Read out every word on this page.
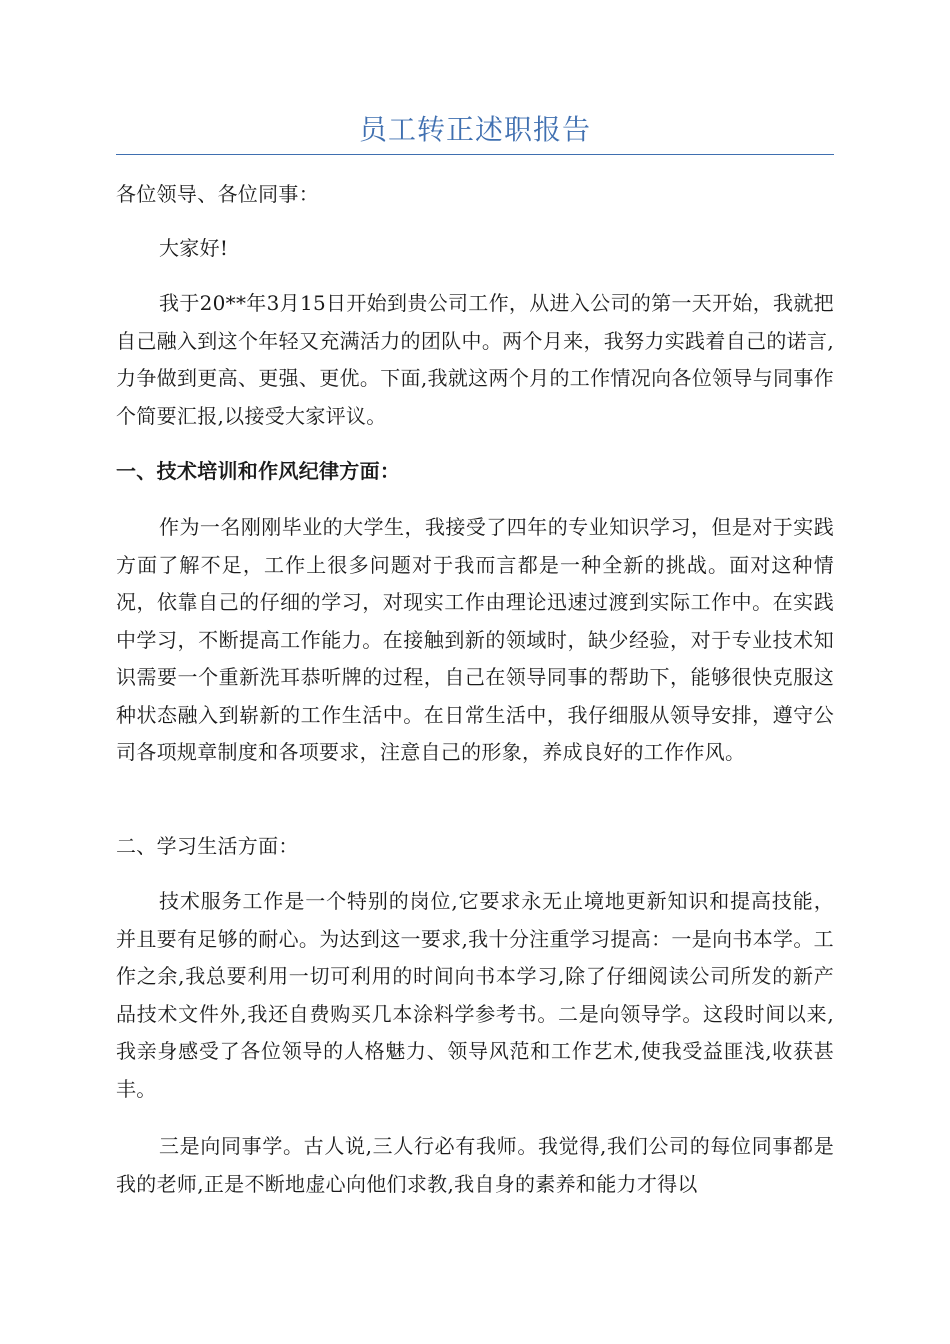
员工转正述职报告
各位领导、各位同事：
大家好!
我于20**年3月15日开始到贵公司工作，从进入公司的第一天开始，我就把自己融入到这个年轻又充满活力的团队中。两个月来，我努力实践着自己的诺言,力争做到更高、更强、更优。下面,我就这两个月的工作情况向各位领导与同事作个简要汇报,以接受大家评议。
一、技术培训和作风纪律方面：
作为一名刚刚毕业的大学生，我接受了四年的专业知识学习，但是对于实践方面了解不足，工作上很多问题对于我而言都是一种全新的挑战。面对这种情况，依靠自己的仔细的学习，对现实工作由理论迅速过渡到实际工作中。在实践中学习，不断提高工作能力。在接触到新的领域时，缺少经验，对于专业技术知识需要一个重新洗耳恭听牌的过程，自己在领导同事的帮助下，能够很快克服这种状态融入到崭新的工作生活中。在日常生活中，我仔细服从领导安排，遵守公司各项规章制度和各项要求，注意自己的形象，养成良好的工作作风。
二、学习生活方面：
技术服务工作是一个特别的岗位,它要求永无止境地更新知识和提高技能，并且要有足够的耐心。为达到这一要求,我十分注重学习提高：一是向书本学。工作之余,我总要利用一切可利用的时间向书本学习,除了仔细阅读公司所发的新产品技术文件外,我还自费购买几本涂料学参考书。二是向领导学。这段时间以来,我亲身感受了各位领导的人格魅力、领导风范和工作艺术,使我受益匪浅,收获甚丰。
三是向同事学。古人说,三人行必有我师。我觉得,我们公司的每位同事都是我的老师,正是不断地虚心向他们求教,我自身的素养和能力才得以
